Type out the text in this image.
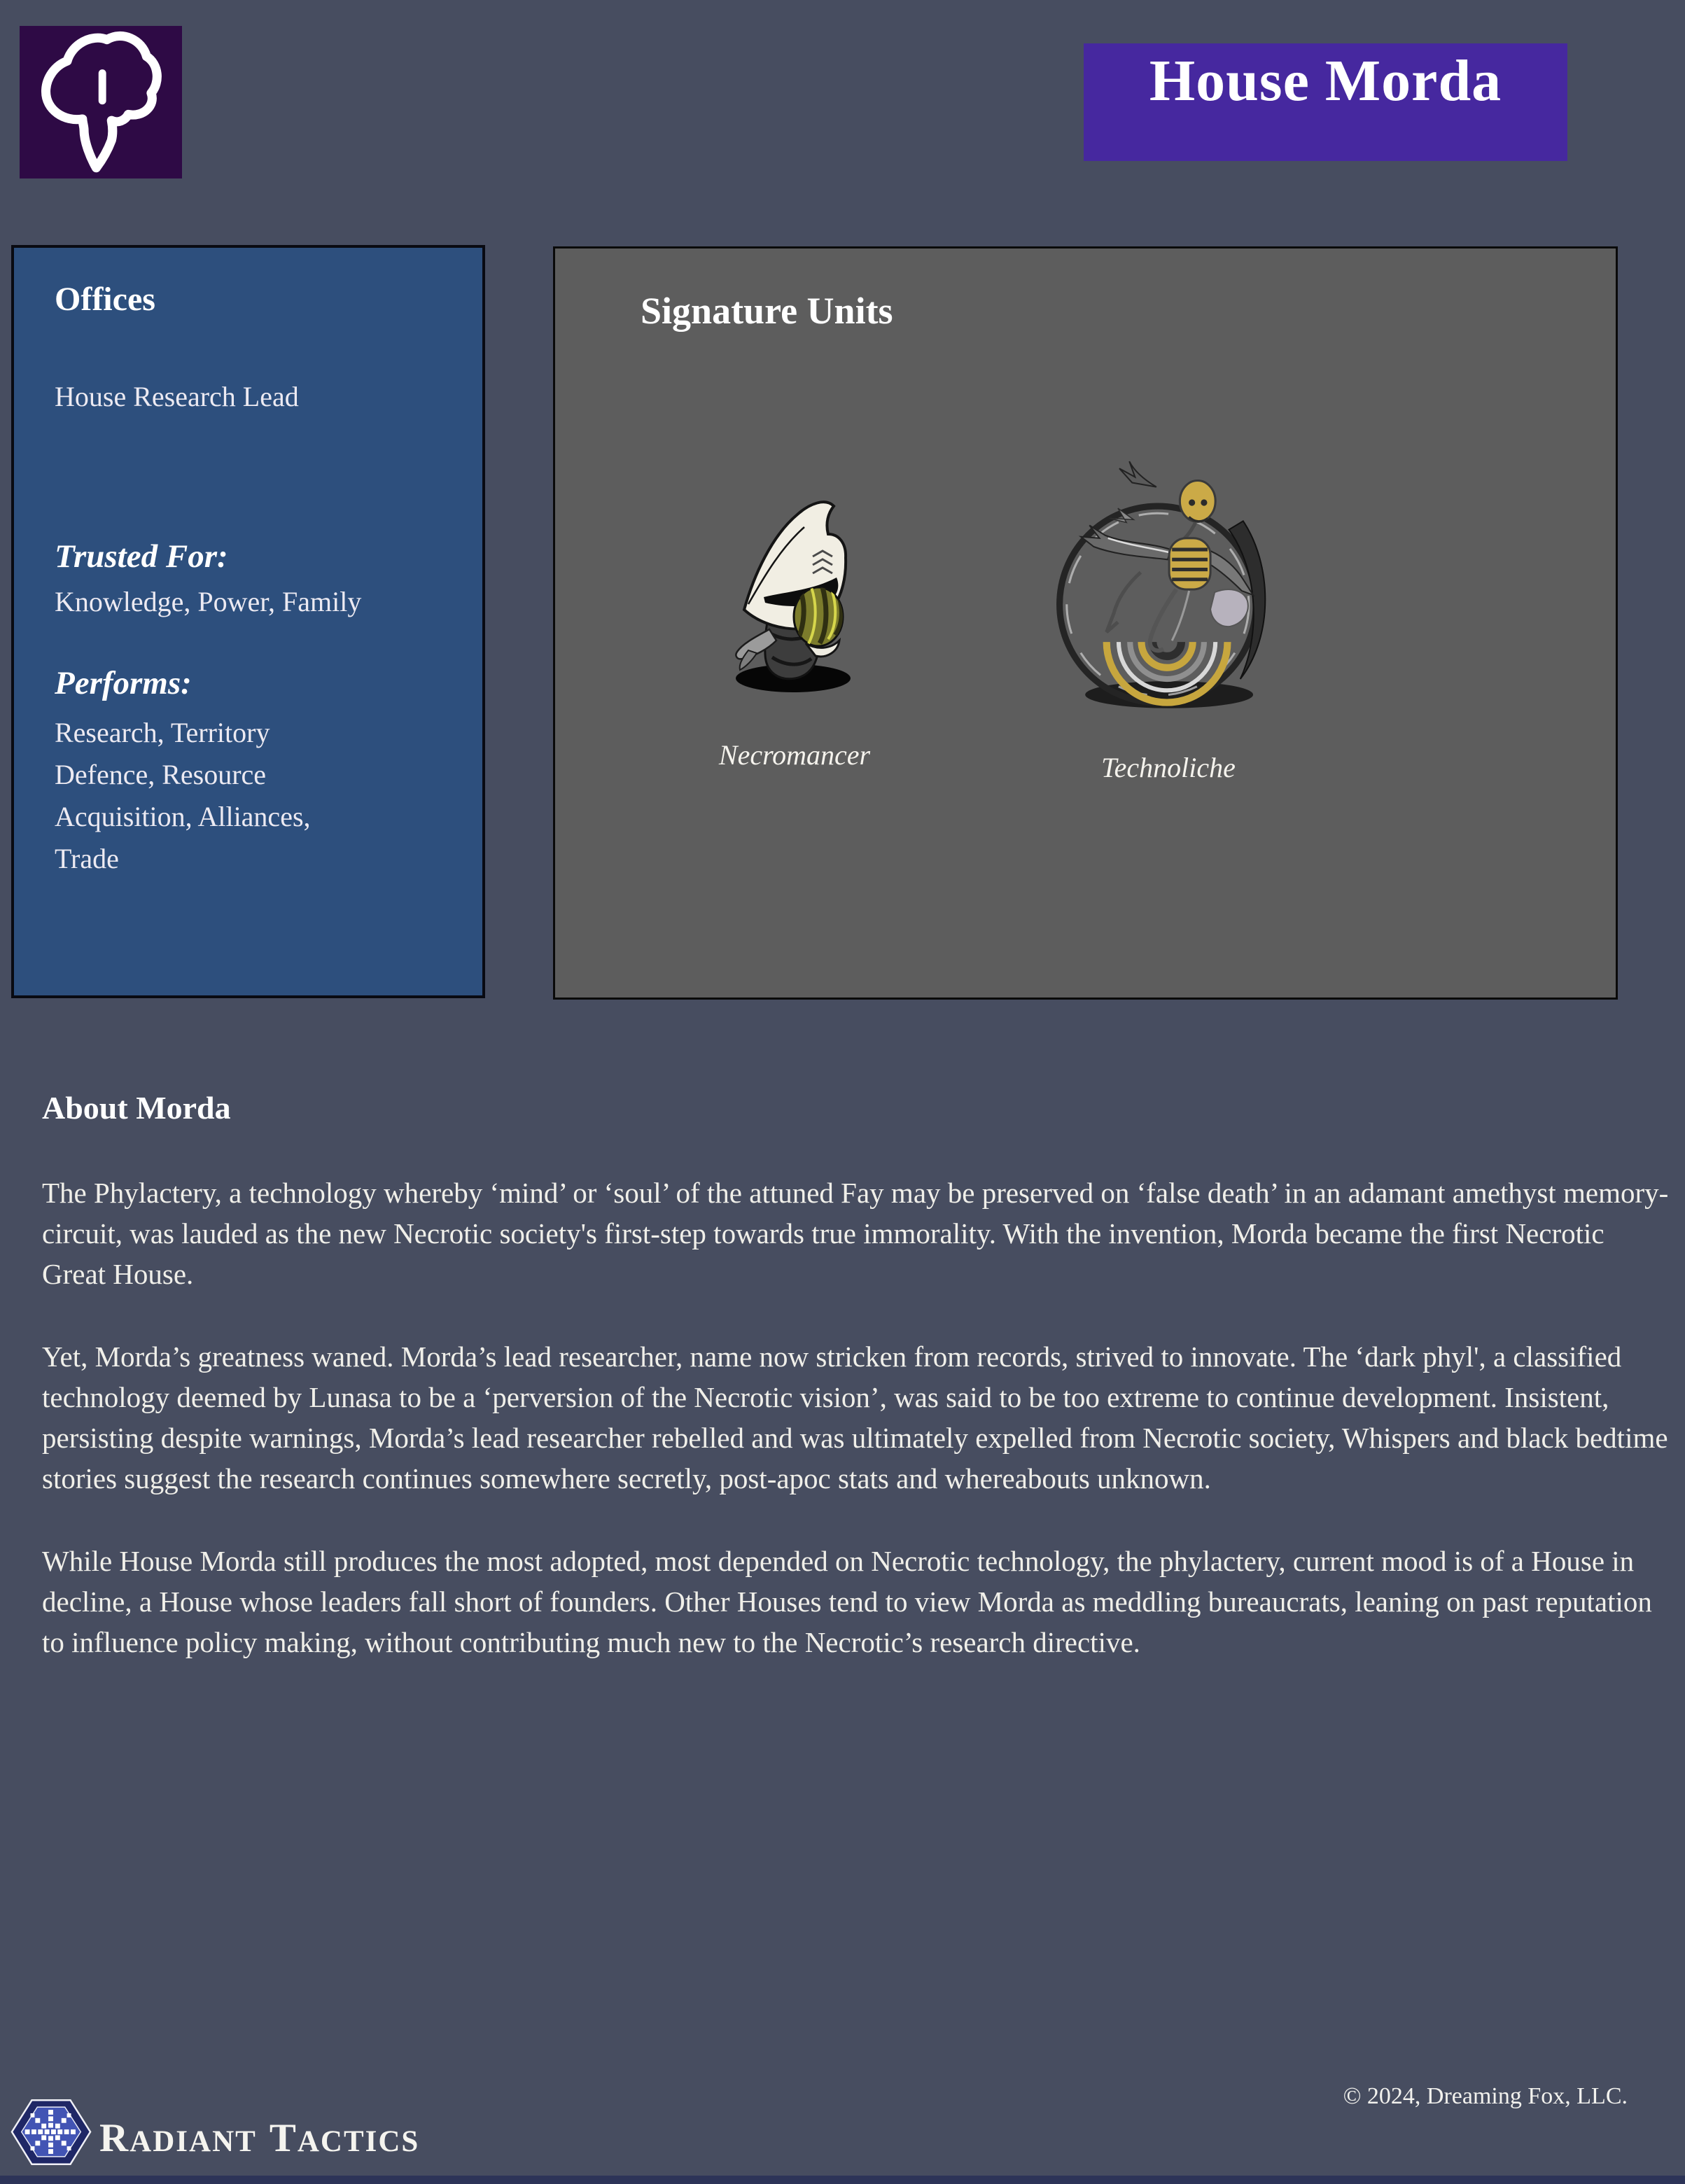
House Morda
Offices
House Research Lead
Trusted For:
Knowledge, Power, Family
Performs:
Research, Territory Defence, Resource Acquisition, Alliances, Trade
Signature Units
Necromancer	Technoliche
About Morda

The Phylactery, a technology whereby ‘mind’ or ‘soul’ of the attuned Fay may be preserved on ‘false death’ in an adamant amethyst memory-circuit, was lauded as the new Necrotic society's first-step towards true immorality. With the invention, Morda became the first Necrotic Great House.

Yet, Morda’s greatness waned. Morda’s lead researcher, name now stricken from records, strived to innovate. The ‘dark phyl', a classified technology deemed by Lunasa to be a ‘perversion of the Necrotic vision’, was said to be too extreme to continue development. Insistent, persisting despite warnings, Morda’s lead researcher rebelled and was ultimately expelled from Necrotic society, Whispers and black bedtime stories suggest the research continues somewhere secretly, post-apoc stats and whereabouts unknown.

While House Morda still produces the most adopted, most depended on Necrotic technology, the phylactery, current mood is of a House in decline, a House whose leaders fall short of founders. Other Houses tend to view Morda as meddling bureaucrats, leaning on past reputation to influence policy making, without contributing much new to the Necrotic’s research directive.

RADIANT TACTICS
© 2024, Dreaming Fox, LLC.
